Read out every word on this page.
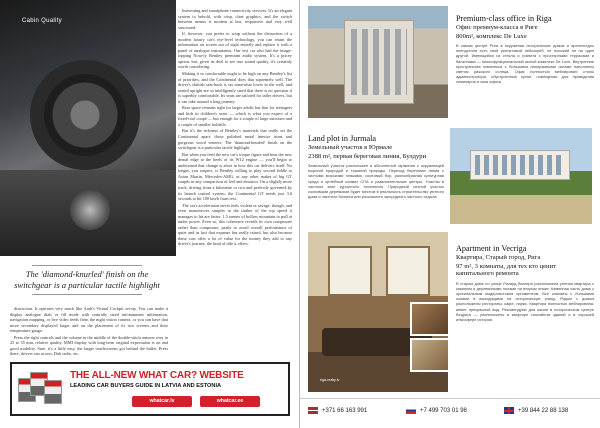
Cabin Quality
The 'diamond-knurled' finish on the switchgear is a particular tactile highlight

distraction. It operates very much like Audi's Virtual Cockpit set-up. You can make it display analogue dials or fill mode with centrally sized infotainment information, navigation mapping, or live video feeds from the night vision camera, or you can have that more secondary displayed larger and on the placement of its two screens and their temperature gauge.

Press the right controls and the volume in the middle of the double-stitch armrest over in 25 to 35 mm, relative quality. MMI display with long-term original expectation is on and good usability. Sure, it's a little easy, the larger touchscreens got behind the bullet. Press there, drivers can access, Dab radio, etc.

Interesting and smartphone connectivity services. It's an elegant system to behold, with crisp, clear graphics, and the switch between menus is modern at last, responsive and very well structured.

If, however, you prefer to wrap without the distraction of a modern luxury car's eye-level technology, you can retain the information on screen out of sight entirely and replace it with a panel of analogue instruments. Our test car also had the image-topping Nota-fy Bentley premium audio system. It's a pricey option, but, given its deal to see true sound quality, it's certainly worth considering.

Making it so comfortable ought to be high on any Bentley's list of priorities, and the Continental does that supremely well. The driver's skittish seat-back is set somewhat lower in the well, and seated upright are so intelligently sized that there is no question it is superbly comfortable. Its seats are tailored for taller drivers, but it can take around a long journey.

Rear space remains tight for larger adults but fine for teenagers and kids in children's seats — which is what you expect of a fixed-roof coupé — but enough for a couple of large suitcases and a couple of smaller holdalls.

But it's the richness of Bentley's materials that really set the Continental apart: those polished metal interior trims and gorgeous wood veneers. The 'diamond-knurled' finish on the switchgear is a particular tactile highlight.

But when you feed the new car's torque figure and hear the new dental edge to the heels of its W12 engine — you'll begin to understand that change is afoot in how this car delivers itself. No longer, you suspect, is Bentley willing to play second fiddle to Aston Martin, Mercedes-AMG, or any other maker of big GT coupés in any comparison of feel and emotion. On a slightly more track, driving from a kilometre or two and perfectly governed by its launch control system, the Continental GT needs just 3.6 seconds to hit 100 km/h from rest.

The car's acceleration never feels violent or savage, though, and even manoeuvres simpler in the timber of the top speed it manages to hit are faster. 1.5 tonnes of hollow mountain to pull at under power. Even so, this coherence reveals its own composure rather than composure, partly to avoid overall performance of quiet and in fact that expanse has really raised, but also because these cars offer a lot of value for the money they add to any driver's journey, the kind of ride it offers.

THE ALL-NEW WHAT CAR? WEBSITE
LEADING CAR BUYERS GUIDE IN LATVIA AND ESTONIA
whatcar.lv	whatcar.ee
Premium-class office in Riga
Офис премиум-класса в Риге
800m², комплекс De Luxe
В самом центре Риги в окружении исторических домов и архитектуры югендстиля есть свой реликтовый небоскрёб, не похожий ни на один другой. Имеющийся из стекла и гранита с просторными террасами и балконами — многофункциональный жилой комплекс De Luxe. Внутренние пространства комплекса с большими панорамными окнами наполнены светом рижского солнца. Офис полностью меблирован: столы администратора, обустроенные кухни, помещения для проведения семинаров и зона офиса.
Land plot in Jurmala
Земельный участок в Юрмале
2388 m², первая береговая линия, Булдури
Земельный участок расположен в абсолютной гармонии с окружающей морской природой и тишиной природы. Переход береговая линия с чистыми морскими пляжами, сосновый бор, разнообразная культурная среда и целебный климат СПА и развлекательные центры. Участок в частном зоне курортного поселения. Природный лесной участок сосновыми деревьями будет местом в реальность строительство уютного дома и частного бизнеса или роскошного загородного частного отдыха.
riga-realty.lv
Apartment in Vecriga
Квартира, Старый город, Рига
97 m², 3 комнаты, для тех кто ценит капитального ремонта
В старом доме по улице Рихард Вагнера расположена уютная квартира с камином и деревянными полами на вторым этаже. Каменная часть дома с оригинальным модернистским орнаментом. Все комнаты с большими окнами в выходящими на историческую улицу. Рядом с домом расположены рестораны, кафе, парки. Квартира полностью меблирована, имеет прекрасный вид. Рекомендуем для жизни в историческом центре Вецрига — расположено в квартире спокойном зданий и в хорошей атмосфере истории.
+371 66 163 991	+7 499 703 01 98	+39 844 22 88 138
